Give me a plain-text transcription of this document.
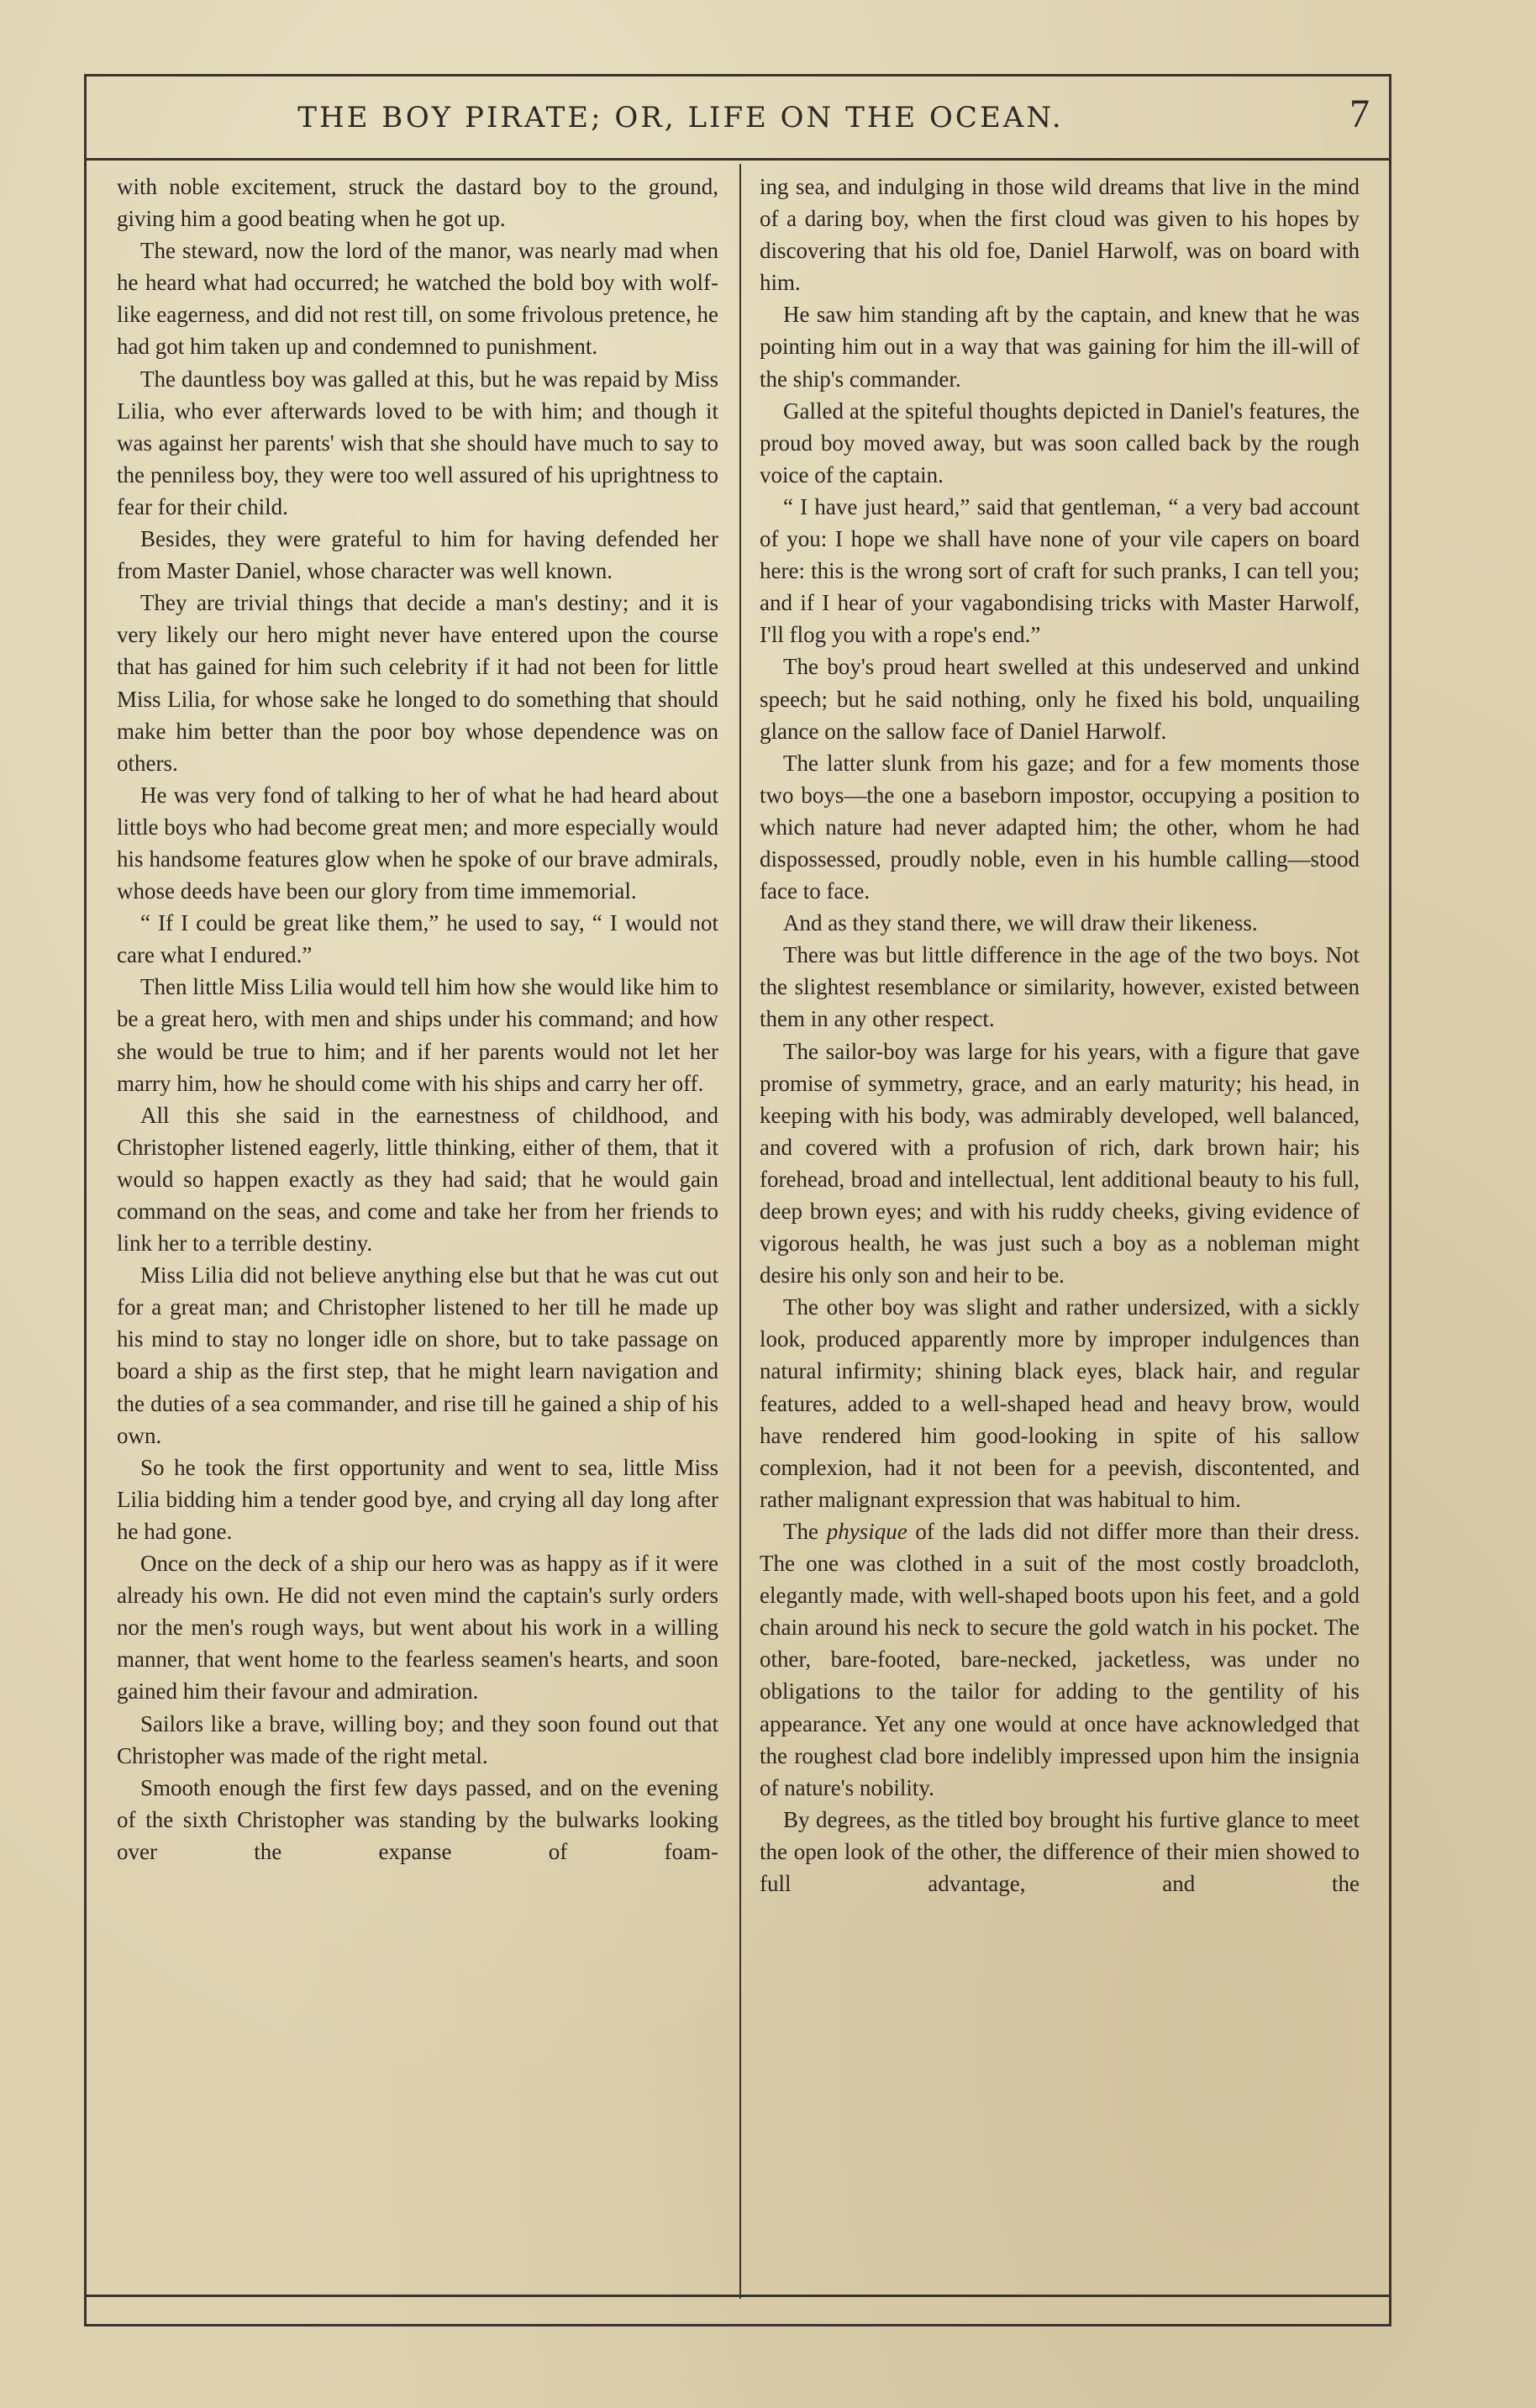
THE BOY PIRATE; OR, LIFE ON THE OCEAN.	7

with noble excitement, struck the dastard boy to the ground, giving him a good beating when he got up.

The steward, now the lord of the manor, was nearly mad when he heard what had occurred; he watched the bold boy with wolf-like eagerness, and did not rest till, on some frivolous pretence, he had got him taken up and condemned to punishment.

The dauntless boy was galled at this, but he was repaid by Miss Lilia, who ever afterwards loved to be with him; and though it was against her parents' wish that she should have much to say to the penniless boy, they were too well assured of his uprightness to fear for their child.

Besides, they were grateful to him for having defended her from Master Daniel, whose character was well known.

They are trivial things that decide a man's destiny; and it is very likely our hero might never have entered upon the course that has gained for him such celebrity if it had not been for little Miss Lilia, for whose sake he longed to do something that should make him better than the poor boy whose dependence was on others.

He was very fond of talking to her of what he had heard about little boys who had become great men; and more especially would his handsome features glow when he spoke of our brave admirals, whose deeds have been our glory from time immemorial.

“ If I could be great like them,” he used to say, “ I would not care what I endured.”

Then little Miss Lilia would tell him how she would like him to be a great hero, with men and ships under his command; and how she would be true to him; and if her parents would not let her marry him, how he should come with his ships and carry her off.

All this she said in the earnestness of childhood, and Christopher listened eagerly, little thinking, either of them, that it would so happen exactly as they had said; that he would gain command on the seas, and come and take her from her friends to link her to a terrible destiny.

Miss Lilia did not believe anything else but that he was cut out for a great man; and Christopher listened to her till he made up his mind to stay no longer idle on shore, but to take passage on board a ship as the first step, that he might learn navigation and the duties of a sea commander, and rise till he gained a ship of his own.

So he took the first opportunity and went to sea, little Miss Lilia bidding him a tender good bye, and crying all day long after he had gone.

Once on the deck of a ship our hero was as happy as if it were already his own. He did not even mind the captain's surly orders nor the men's rough ways, but went about his work in a willing manner, that went home to the fearless seamen's hearts, and soon gained him their favour and admiration.

Sailors like a brave, willing boy; and they soon found out that Christopher was made of the right metal.

Smooth enough the first few days passed, and on the evening of the sixth Christopher was standing by the bulwarks looking over the expanse of foam-

ing sea, and indulging in those wild dreams that live in the mind of a daring boy, when the first cloud was given to his hopes by discovering that his old foe, Daniel Harwolf, was on board with him.

He saw him standing aft by the captain, and knew that he was pointing him out in a way that was gaining for him the ill-will of the ship's commander.

Galled at the spiteful thoughts depicted in Daniel's features, the proud boy moved away, but was soon called back by the rough voice of the captain.

“ I have just heard,” said that gentleman, “ a very bad account of you: I hope we shall have none of your vile capers on board here: this is the wrong sort of craft for such pranks, I can tell you; and if I hear of your vagabondising tricks with Master Harwolf, I'll flog you with a rope's end.”

The boy's proud heart swelled at this undeserved and unkind speech; but he said nothing, only he fixed his bold, unquailing glance on the sallow face of Daniel Harwolf.

The latter slunk from his gaze; and for a few moments those two boys—the one a baseborn impostor, occupying a position to which nature had never adapted him; the other, whom he had dispossessed, proudly noble, even in his humble calling—stood face to face.

And as they stand there, we will draw their likeness.

There was but little difference in the age of the two boys. Not the slightest resemblance or similarity, however, existed between them in any other respect.

The sailor-boy was large for his years, with a figure that gave promise of symmetry, grace, and an early maturity; his head, in keeping with his body, was admirably developed, well balanced, and covered with a profusion of rich, dark brown hair; his forehead, broad and intellectual, lent additional beauty to his full, deep brown eyes; and with his ruddy cheeks, giving evidence of vigorous health, he was just such a boy as a nobleman might desire his only son and heir to be.

The other boy was slight and rather undersized, with a sickly look, produced apparently more by improper indulgences than natural infirmity; shining black eyes, black hair, and regular features, added to a well-shaped head and heavy brow, would have rendered him good-looking in spite of his sallow complexion, had it not been for a peevish, discontented, and rather malignant expression that was habitual to him.

The physique of the lads did not differ more than their dress. The one was clothed in a suit of the most costly broadcloth, elegantly made, with well-shaped boots upon his feet, and a gold chain around his neck to secure the gold watch in his pocket. The other, bare-footed, bare-necked, jacketless, was under no obligations to the tailor for adding to the gentility of his appearance. Yet any one would at once have acknowledged that the roughest clad bore indelibly impressed upon him the insignia of nature's nobility.

By degrees, as the titled boy brought his furtive glance to meet the open look of the other, the difference of their mien showed to full advantage, and the
